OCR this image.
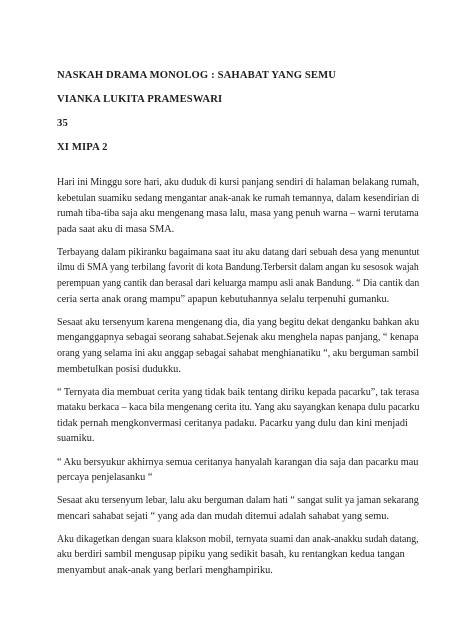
NASKAH DRAMA MONOLOG : SAHABAT YANG SEMU
VIANKA LUKITA PRAMESWARI
35
XI MIPA 2

Hari ini Minggu sore hari, aku duduk di kursi panjang sendiri di halaman belakang rumah,
kebetulan suamiku sedang mengantar anak-anak ke rumah temannya, dalam kesendirian di
rumah tiba-tiba saja aku mengenang masa lalu, masa yang penuh warna – warni terutama
pada saat aku di masa SMA.

Terbayang dalam pikiranku bagaimana saat itu aku datang dari sebuah desa yang menuntut
ilmu di SMA yang terbilang favorit di kota Bandung.Terbersit dalam angan ku sesosok wajah
perempuan yang cantik dan berasal dari keluarga mampu asli anak Bandung. “ Dia cantik dan
ceria serta anak orang mampu” apapun kebutuhannya selalu terpenuhi gumanku.

Sesaat aku tersenyum karena mengenang dia, dia yang begitu dekat denganku bahkan aku
menganggapnya sebagai seorang sahabat.Sejenak aku menghela napas panjang, “ kenapa
orang yang selama ini aku anggap sebagai sahabat menghianatiku “, aku berguman sambil
membetulkan posisi dudukku.

“ Ternyata dia membuat cerita yang tidak baik tentang diriku kepada pacarku”, tak terasa
mataku berkaca – kaca bila mengenang cerita itu. Yang aku sayangkan kenapa dulu pacarku
tidak pernah mengkonvermasi ceritanya padaku. Pacarku yang dulu dan kini menjadi
suamiku.

“ Aku bersyukur akhirnya semua ceritanya hanyalah karangan dia saja dan pacarku mau
percaya penjelasanku “

Sesaat aku tersenyum lebar, lalu aku berguman dalam hati “ sangat sulit ya jaman sekarang
mencari sahabat sejati “ yang ada dan mudah ditemui adalah sahabat yang semu.

Aku dikagetkan dengan suara klakson mobil, ternyata suami dan anak-anakku sudah datang,
aku berdiri sambil mengusap pipiku yang sedikit basah, ku rentangkan kedua tangan
menyambut anak-anak yang berlari menghampiriku.
